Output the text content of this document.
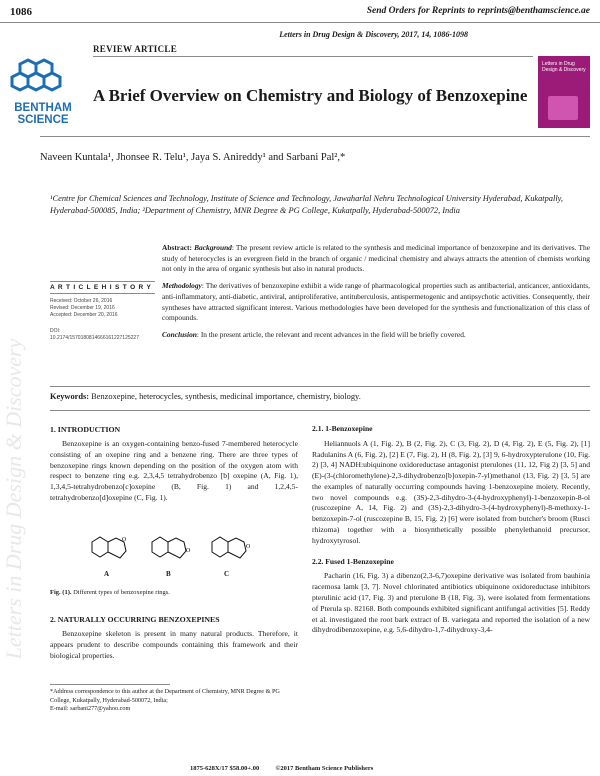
1086	Send Orders for Reprints to reprints@benthamscience.ae
Letters in Drug Design & Discovery, 2017, 14, 1086-1098
REVIEW ARTICLE
BENTHAM
SCIENCE
A Brief Overview on Chemistry and Biology of Benzoxepine
Letters in Drug Design & Discovery
Naveen Kuntala¹, Jhonsee R. Telu¹, Jaya S. Anireddy¹ and Sarbani Pal²,*
¹Centre for Chemical Sciences and Technology, Institute of Science and Technology, Jawaharlal Nehru Technological University Hyderabad, Kukatpally, Hyderabad-500085, India; ²Department of Chemistry, MNR Degree & PG College, Kukatpally, Hyderabad-500072, India
A R T I C L E H I S T O R Y
Received: October 26, 2016
Revised: December 19, 2016
Accepted: December 20, 2016
DOI:
10.2174/1570180814666161227125227

Abstract: Background: The present review article is related to the synthesis and medicinal importance of benzoxepine and its derivatives. The study of heterocycles is an evergreen field in the branch of organic / medicinal chemistry and always attracts the attention of chemists working not only in the area of organic synthesis but also in natural products.

Methodology: The derivatives of benzoxepine exhibit a wide range of pharmacological properties such as antibacterial, anticancer, antioxidants, anti-inflammatory, anti-diabetic, antiviral, antiproliferative, antituberculosis, antispermetogenic and antipsychotic activities. Consequently, their syntheses have attracted significant interest. Various methodologies have been developed for the synthesis and functionalization of this class of compounds.

Conclusion: In the present article, the relevant and recent advances in the field will be briefly covered.

Keywords: Benzoxepine, heterocycles, synthesis, medicinal importance, chemistry, biology.
1. INTRODUCTION

Benzoxepine is an oxygen-containing benzo-fused 7-membered heterocycle consisting of an oxepine ring and a benzene ring. There are three types of benzoxepine rings known depending on the position of the oxygen atom with respect to benzene ring e.g. 2,3,4,5 tetrahydrobenzo [b] oxepine (A, Fig. 1), 1,3,4,5-tetrahydrobenzo[c]oxepine (B, Fig. 1) and 1,2,4,5-tetrahydrobenzo[d]oxepine (C, Fig. 1).

O
O
O
A	B	C
Fig. (1). Different types of benzoxepine rings.
2. NATURALLY OCCURRING BENZOXEPINES

Benzoxepine skeleton is present in many natural products. Therefore, it appears prudent to describe compounds containing this framework and their biological properties.

*Address correspondence to this author at the Department of Chemistry, MNR Degree & PG College, Kukatpally, Hyderabad-500072, India;
E-mail: sarbani277@yahoo.com
2.1. 1-Benzoxepine

Heliannuols A (1, Fig. 2), B (2, Fig. 2), C (3, Fig. 2), D (4, Fig. 2), E (5, Fig. 2), [1] Radulanins A (6, Fig. 2), [2] E (7, Fig. 2), H (8, Fig. 2), [3] 9, 6-hydroxypterulone (10, Fig. 2) [3, 4] NADH:ubiquinone oxidoreductase antagonist pterulones (11, 12, Fig 2) [3, 5] and (E)-(3-(chloromethylene)-2,3-dihydrobenzo[b]oxepin-7-yl)methanol (13, Fig. 2) [3, 5] are the examples of naturally occurring compounds having 1-benzoxepine moiety. Recently, two novel compounds e.g. (3S)-2,3-dihydro-3-(4-hydroxyphenyl)-1-benzoxepin-8-ol (ruscozepine A, 14, Fig. 2) and (3S)-2,3-dihydro-3-(4-hydroxyphenyl)-8-methoxy-1-benzoxepin-7-ol (ruscozepine B, 15, Fig. 2) [6] were isolated from butcher's broom (Rusci rhizoma) together with a biosynthetically possible phenylethanoid precursor, hydroxytyrosol.

2.2. Fused 1-Benzoxepine

Pacharin (16, Fig. 3) a dibenzo(2,3-6,7)oxepine derivative was isolated from bauhinia racemosa lamk [3, 7]. Novel chlorinated antibiotics ubiquinone oxidoreductase inhibitors pterulinic acid (17, Fig. 3) and pterulone B (18, Fig. 3), were isolated from fermentations of Pterula sp. 82168. Both compounds exhibited significant antifungal activities [5]. Reddy et al. investigated the root bark extract of B. variegata and reported the isolation of a new dihydrodibenzoxepine, e.g. 5,6-dihydro-1,7-dihydroxy-3,4-

1875-628X/17 $58.00+.00          ©2017 Bentham Science Publishers
Letters in Drug Design & Discovery
